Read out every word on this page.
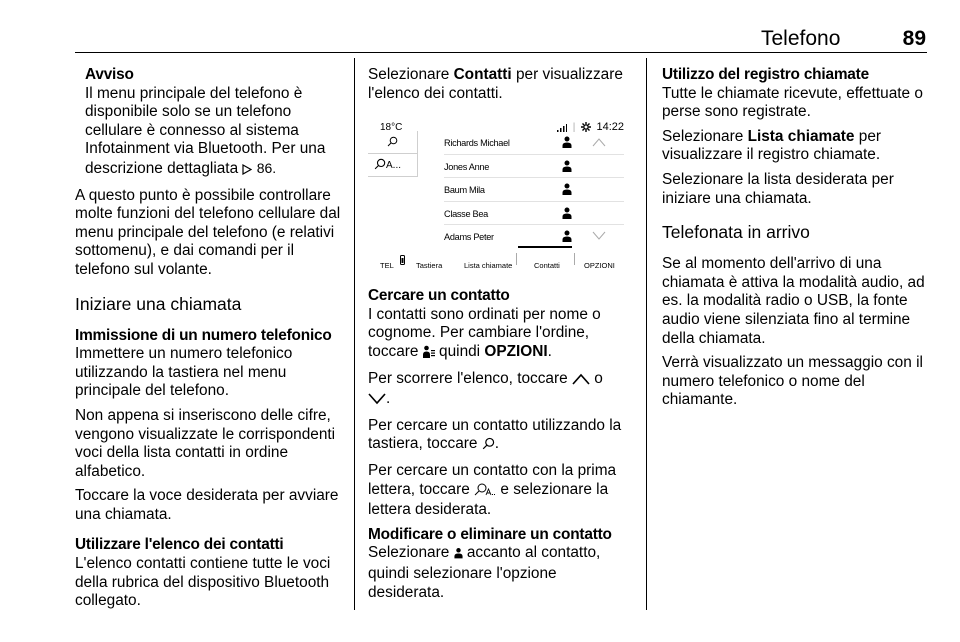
Telefono	89
Avviso

Il menu principale del telefono è disponibile solo se un telefono cellulare è connesso al sistema Infotainment via Bluetooth. Per una descrizione dettagliata 86.

A questo punto è possibile controllare molte funzioni del telefono cellulare dal menu principale del telefono (e relativi sottomenu), e dai comandi per il telefono sul volante.

Iniziare una chiamata
Immissione di un numero telefonico

Immettere un numero telefonico utilizzando la tastiera nel menu principale del telefono.

Non appena si inseriscono delle cifre, vengono visualizzate le corrispondenti voci della lista contatti in ordine alfabetico.

Toccare la voce desiderata per avviare una chiamata.

Utilizzare l'elenco dei contatti

L'elenco contatti contiene tutte le voci della rubrica del dispositivo Bluetooth collegato.

Selezionare Contatti per visualizzare l'elenco dei contatti.

18°C	|    14:22
A...
Richards Michael
Jones Anne
Baum Mila
Classe Bea
Adams Peter
TEL	Tastiera	Lista chiamate	Contatti	OPZIONI
Cercare un contatto

I contatti sono ordinati per nome o cognome. Per cambiare l'ordine, toccare  quindi OPZIONI.

Per scorrere l'elenco, toccare  o
.

Per cercare un contatto utilizzando la tastiera, toccare .

Per cercare un contatto con la prima lettera, toccare  e selezionare la lettera desiderata.

Modificare o eliminare un contatto

Selezionare  accanto al contatto, quindi selezionare l'opzione desiderata.

Utilizzo del registro chiamate

Tutte le chiamate ricevute, effettuate o perse sono registrate.

Selezionare Lista chiamate per visualizzare il registro chiamate.

Selezionare la lista desiderata per iniziare una chiamata.

Telefonata in arrivo

Se al momento dell'arrivo di una chiamata è attiva la modalità audio, ad es. la modalità radio o USB, la fonte audio viene silenziata fino al termine della chiamata.

Verrà visualizzato un messaggio con il numero telefonico o nome del chiamante.
